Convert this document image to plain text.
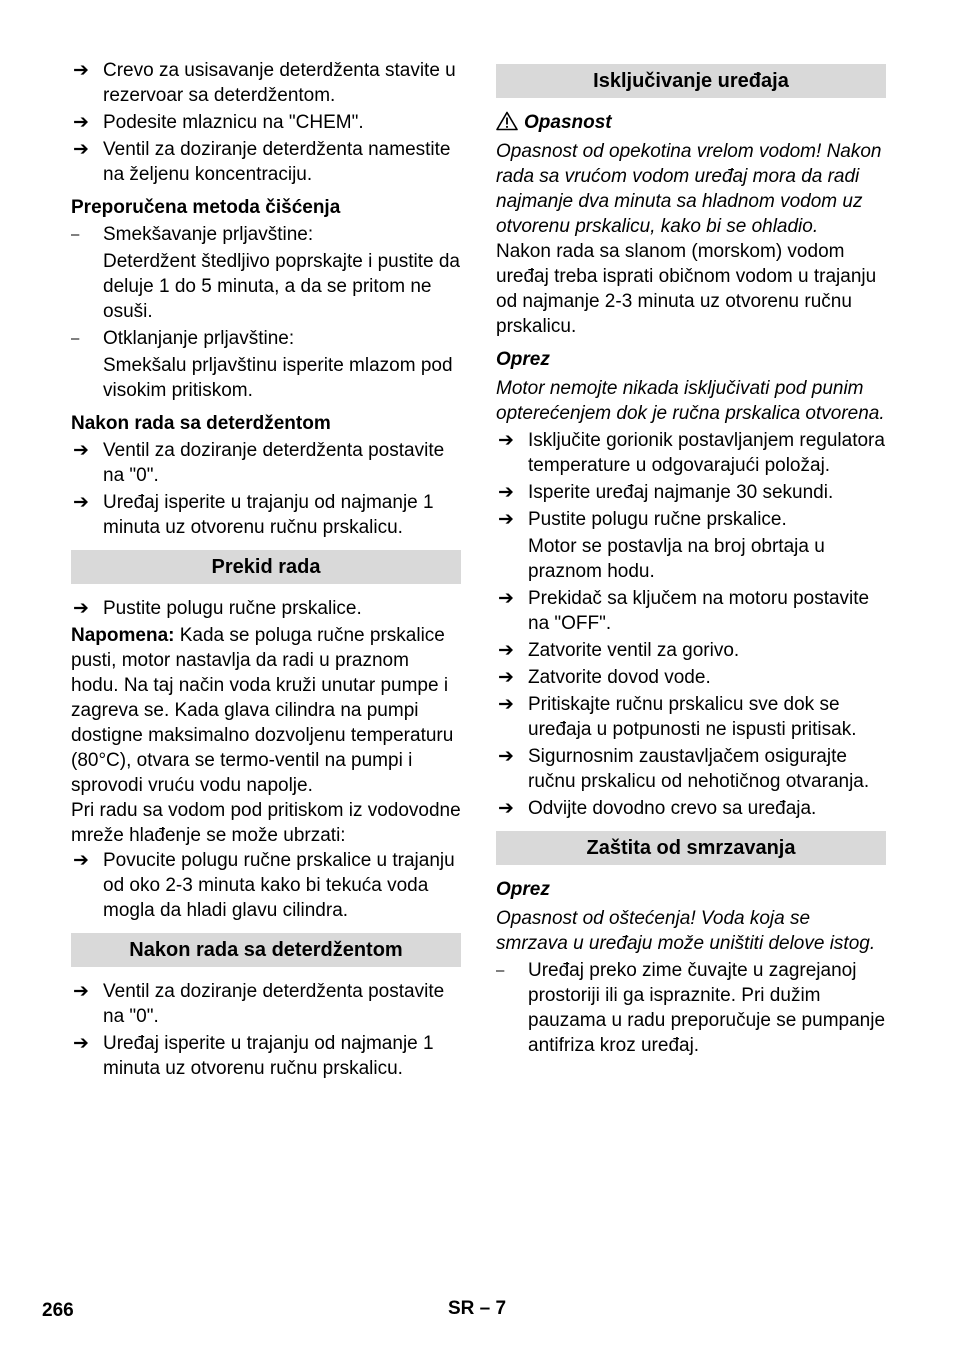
➔ Crevo za usisavanje deterdženta stavite u rezervoar sa deterdžentom.
➔ Podesite mlaznicu na "CHEM".
➔ Ventil za doziranje deterdženta namestite na željenu koncentraciju.
Preporučena metoda čišćenja
–	Smekšavanje prljavštine:
Deterdžent štedljivo poprskajte i pustite da deluje 1 do 5 minuta, a da se pritom ne osuši.
–	Otklanjanje prljavštine:
Smekšalu prljavštinu isperite mlazom pod visokim pritiskom.
Nakon rada sa deterdžentom
➔ Ventil za doziranje deterdženta postavite na "0".
➔ Uređaj isperite u trajanju od najmanje 1 minuta uz otvorenu ručnu prskalicu.
Prekid rada
➔ Pustite polugu ručne prskalice.

Napomena: Kada se poluga ručne prskalice pusti, motor nastavlja da radi u praznom hodu. Na taj način voda kruži unutar pumpe i zagreva se. Kada glava cilindra na pumpi dostigne maksimalno dozvoljenu temperaturu (80°C), otvara se termo-ventil na pumpi i sprovodi vruću vodu napolje.

Pri radu sa vodom pod pritiskom iz vodovodne mreže hlađenje se može ubrzati:

➔ Povucite polugu ručne prskalice u trajanju od oko 2-3 minuta kako bi tekuća voda mogla da hladi glavu cilindra.
Nakon rada sa deterdžentom
➔ Ventil za doziranje deterdženta postavite na "0".
➔ Uređaj isperite u trajanju od najmanje 1 minuta uz otvorenu ručnu prskalicu.
Isključivanje uređaja
Opasnost

Opasnost od opekotina vrelom vodom! Nakon rada sa vrućom vodom uređaj mora da radi najmanje dva minuta sa hladnom vodom uz otvorenu prskalicu, kako bi se ohladio.

Nakon rada sa slanom (morskom) vodom uređaj treba isprati običnom vodom u trajanju od najmanje 2-3 minuta uz otvorenu ručnu prskalicu.

Oprez

Motor nemojte nikada isključivati pod punim opterećenjem dok je ručna prskalica otvorena.

➔ Isključite gorionik postavljanjem regulatora temperature u odgovarajući položaj.
➔ Isperite uređaj najmanje 30 sekundi.
➔ Pustite polugu ručne prskalice.
Motor se postavlja na broj obrtaja u praznom hodu.
➔ Prekidač sa ključem na motoru postavite na "OFF".
➔ Zatvorite ventil za gorivo.
➔ Zatvorite dovod vode.
➔ Pritiskajte ručnu prskalicu sve dok se uređaja u potpunosti ne ispusti pritisak.
➔ Sigurnosnim zaustavljačem osigurajte ručnu prskalicu od nehotičnog otvaranja.
➔ Odvijte dovodno crevo sa uređaja.
Zaštita od smrzavanja
Oprez

Opasnost od oštećenja! Voda koja se smrzava u uređaju može uništiti delove istog.

–	Uređaj preko zime čuvajte u zagrejanoj prostoriji ili ga ispraznite. Pri dužim pauzama u radu preporučuje se pumpanje antifriza kroz uređaj.
266	SR – 7
